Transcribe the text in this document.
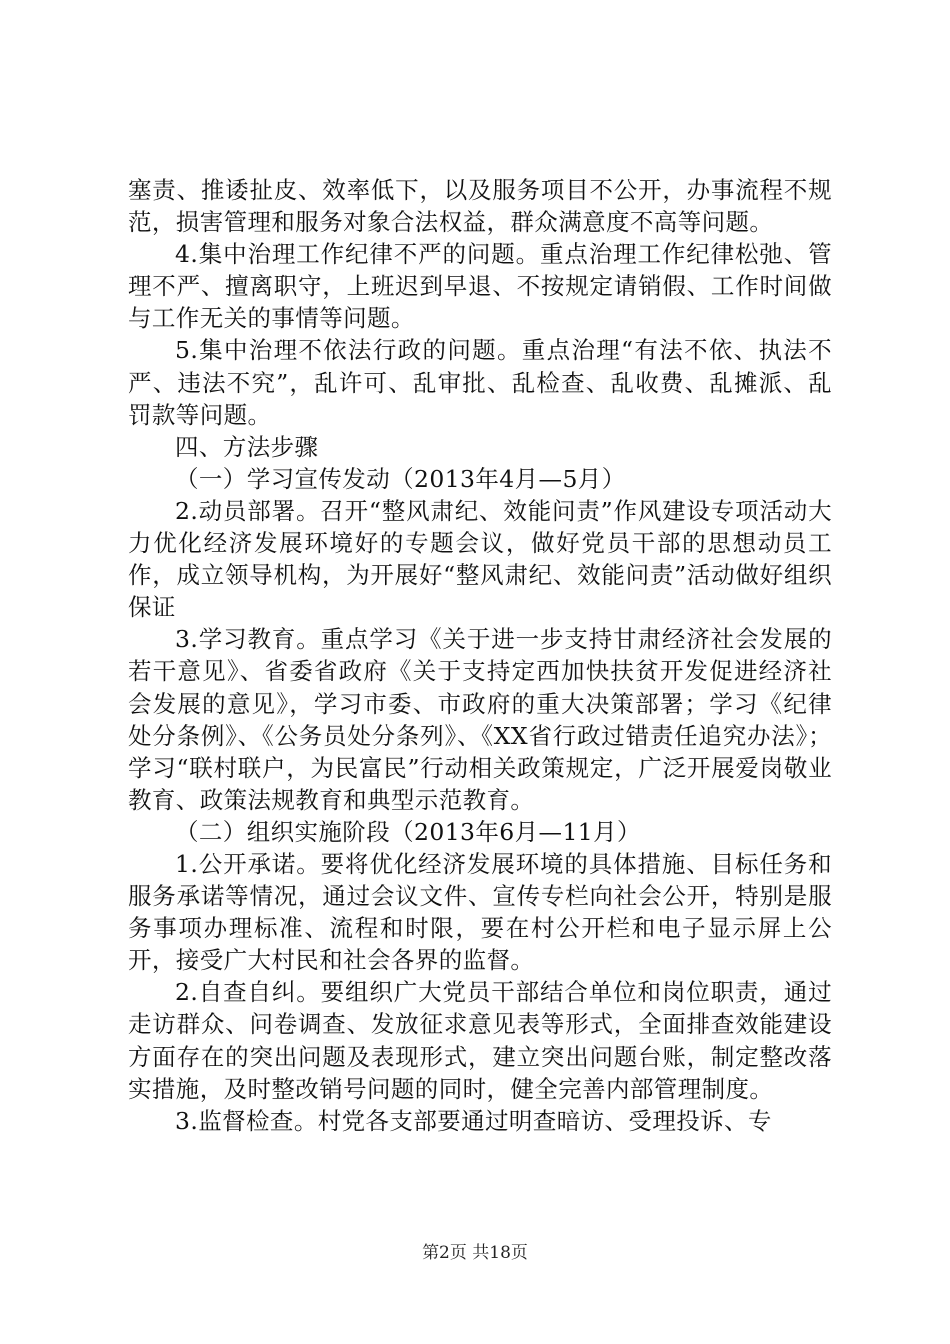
塞责、推诿扯皮、效率低下，以及服务项目不公开，办事流程不规范，损害管理和服务对象合法权益，群众满意度不高等问题。

4.集中治理工作纪律不严的问题。重点治理工作纪律松弛、管理不严、擅离职守，上班迟到早退、不按规定请销假、工作时间做与工作无关的事情等问题。

5.集中治理不依法行政的问题。重点治理“有法不依、执法不严、违法不究”，乱许可、乱审批、乱检查、乱收费、乱摊派、乱罚款等问题。

四、方法步骤

（一）学习宣传发动（2013年4月—5月）

2.动员部署。召开“整风肃纪、效能问责”作风建设专项活动大力优化经济发展环境好的专题会议，做好党员干部的思想动员工作，成立领导机构，为开展好“整风肃纪、效能问责”活动做好组织保证

3.学习教育。重点学习《关于进一步支持甘肃经济社会发展的若干意见》、省委省政府《关于支持定西加快扶贫开发促进经济社会发展的意见》，学习市委、市政府的重大决策部署；学习《纪律处分条例》、《公务员处分条列》、《XX省行政过错责任追究办法》；学习“联村联户，为民富民”行动相关政策规定，广泛开展爱岗敬业教育、政策法规教育和典型示范教育。

（二）组织实施阶段（2013年6月—11月）

1.公开承诺。要将优化经济发展环境的具体措施、目标任务和服务承诺等情况，通过会议文件、宣传专栏向社会公开，特别是服务事项办理标准、流程和时限，要在村公开栏和电子显示屏上公开，接受广大村民和社会各界的监督。

2.自查自纠。要组织广大党员干部结合单位和岗位职责，通过走访群众、问卷调查、发放征求意见表等形式，全面排查效能建设方面存在的突出问题及表现形式，建立突出问题台账，制定整改落实措施，及时整改销号问题的同时，健全完善内部管理制度。

3.监督检查。村党各支部要通过明查暗访、受理投诉、专

第2页 共18页
